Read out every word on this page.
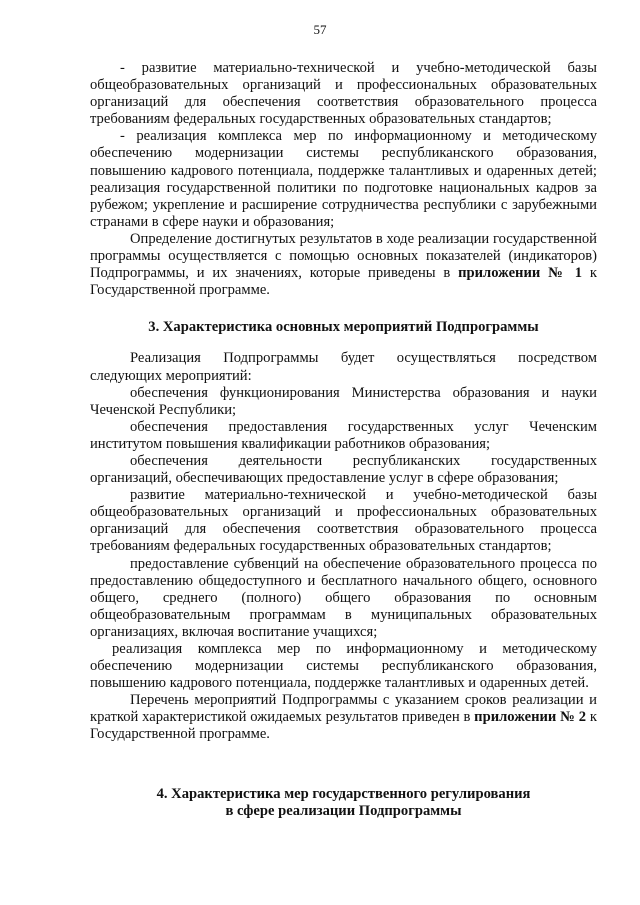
57

- развитие материально-технической и учебно-методической базы общеобразовательных организаций и профессиональных образовательных организаций для обеспечения соответствия образовательного процесса требованиям федеральных государственных образовательных стандартов;

- реализация комплекса мер по информационному и методическому обеспечению модернизации системы республиканского образования, повышению кадрового потенциала, поддержке талантливых и одаренных детей; реализация государственной политики по подготовке национальных кадров за рубежом; укрепление и расширение сотрудничества республики с зарубежными странами в сфере науки и образования;

Определение достигнутых результатов в ходе реализации государственной программы осуществляется с помощью основных показателей (индикаторов) Подпрограммы, и их значениях, которые приведены в приложении № 1 к Государственной программе.

3. Характеристика основных мероприятий Подпрограммы

Реализация Подпрограммы будет осуществляться посредством следующих мероприятий:

обеспечения функционирования Министерства образования и науки Чеченской Республики;

обеспечения предоставления государственных услуг Чеченским институтом повышения квалификации работников образования;

обеспечения деятельности республиканских государственных организаций, обеспечивающих предоставление услуг в сфере образования;

развитие материально-технической и учебно-методической базы общеобразовательных организаций и профессиональных образовательных организаций для обеспечения соответствия образовательного процесса требованиям федеральных государственных образовательных стандартов;

предоставление субвенций на обеспечение образовательного процесса по предоставлению общедоступного и бесплатного начального общего, основного общего, среднего (полного) общего образования по основным общеобразовательным программам в муниципальных образовательных организациях, включая воспитание учащихся;

реализация комплекса мер по информационному и методическому обеспечению модернизации системы республиканского образования, повышению кадрового потенциала, поддержке талантливых и одаренных детей.

Перечень мероприятий Подпрограммы с указанием сроков реализации и краткой характеристикой ожидаемых результатов приведен в приложении № 2 к Государственной программе.

4. Характеристика мер государственного регулирования
в сфере реализации Подпрограммы
